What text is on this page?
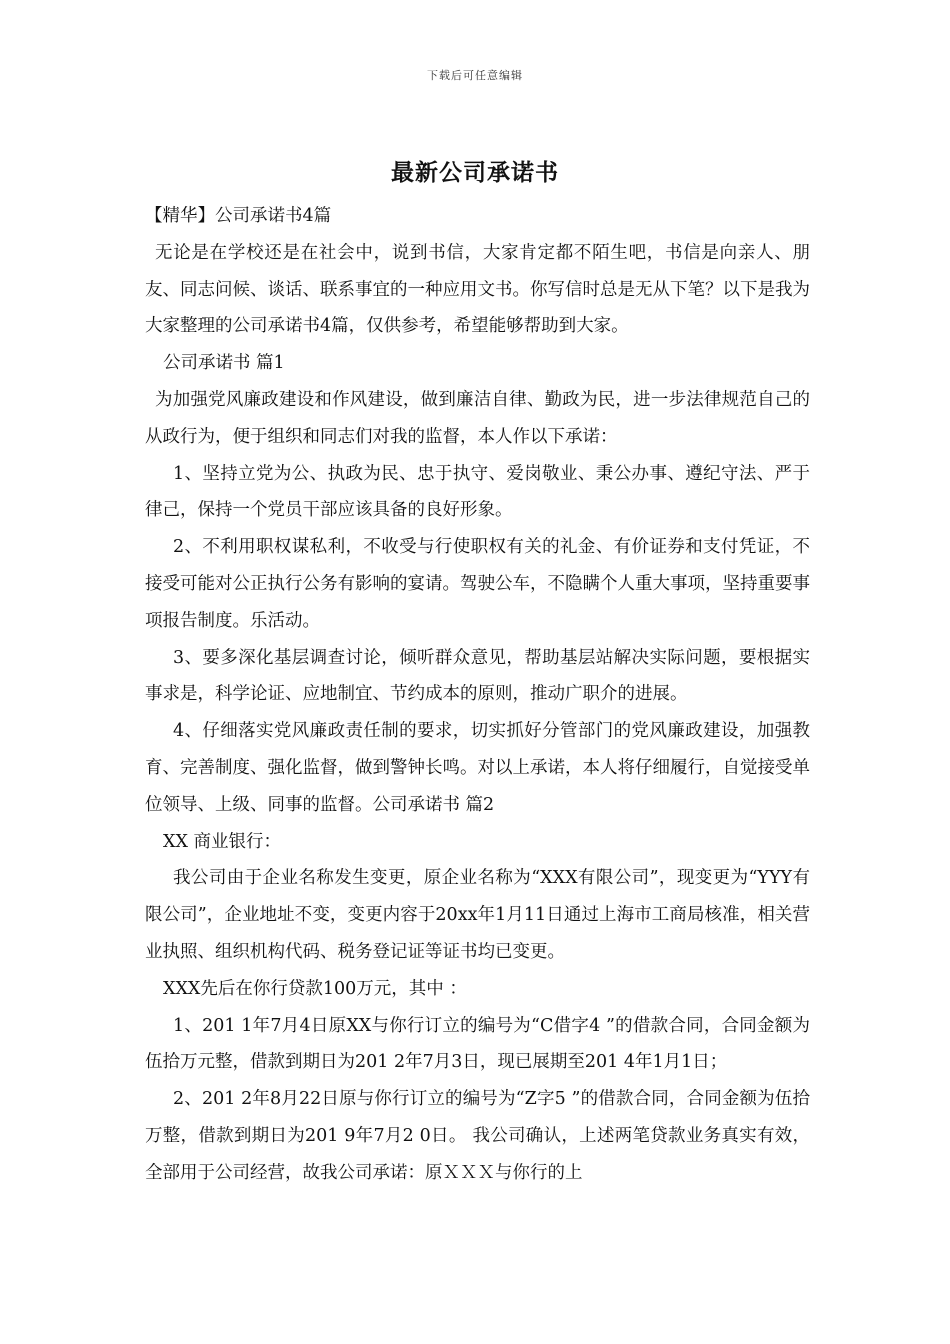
下载后可任意编辑
最新公司承诺书

【精华】公司承诺书4篇

无论是在学校还是在社会中，说到书信，大家肯定都不陌生吧，书信是向亲人、朋友、同志问候、谈话、联系事宜的一种应用文书。你写信时总是无从下笔？以下是我为大家整理的公司承诺书4篇，仅供参考，希望能够帮助到大家。

公司承诺书 篇1

为加强党风廉政建设和作风建设，做到廉洁自律、勤政为民，进一步法律规范自己的从政行为，便于组织和同志们对我的监督，本人作以下承诺：

1、坚持立党为公、执政为民、忠于执守、爱岗敬业、秉公办事、遵纪守法、严于律己，保持一个党员干部应该具备的良好形象。

2、不利用职权谋私利，不收受与行使职权有关的礼金、有价证券和支付凭证，不接受可能对公正执行公务有影响的宴请。驾驶公车，不隐瞒个人重大事项，坚持重要事项报告制度。乐活动。

3、要多深化基层调查讨论，倾听群众意见，帮助基层站解决实际问题，要根据实事求是，科学论证、应地制宜、节约成本的原则，推动广职介的进展。

4、仔细落实党风廉政责任制的要求，切实抓好分管部门的党风廉政建设，加强教育、完善制度、强化监督，做到警钟长鸣。对以上承诺，本人将仔细履行，自觉接受单位领导、上级、同事的监督。公司承诺书 篇2

XX 商业银行：

我公司由于企业名称发生变更，原企业名称为“XXX有限公司”，现变更为“YYY有限公司”，企业地址不变，变更内容于20xx年1月11日通过上海市工商局核准，相关营业执照、组织机构代码、税务登记证等证书均已变更。

XXX先后在你行贷款100万元，其中 ：

1、201 1年7月4日原XX与你行订立的编号为“C借字4 ”的借款合同，合同金额为伍拾万元整，借款到期日为201 2年7月3日，现已展期至201 4年1月1日；

2、201 2年8月22日原与你行订立的编号为“Z字5 ”的借款合同，合同金额为伍拾万整，借款到期日为201 9年7月2 0日。 我公司确认，上述两笔贷款业务真实有效，全部用于公司经营，故我公司承诺：原ＸＸＸ与你行的上
